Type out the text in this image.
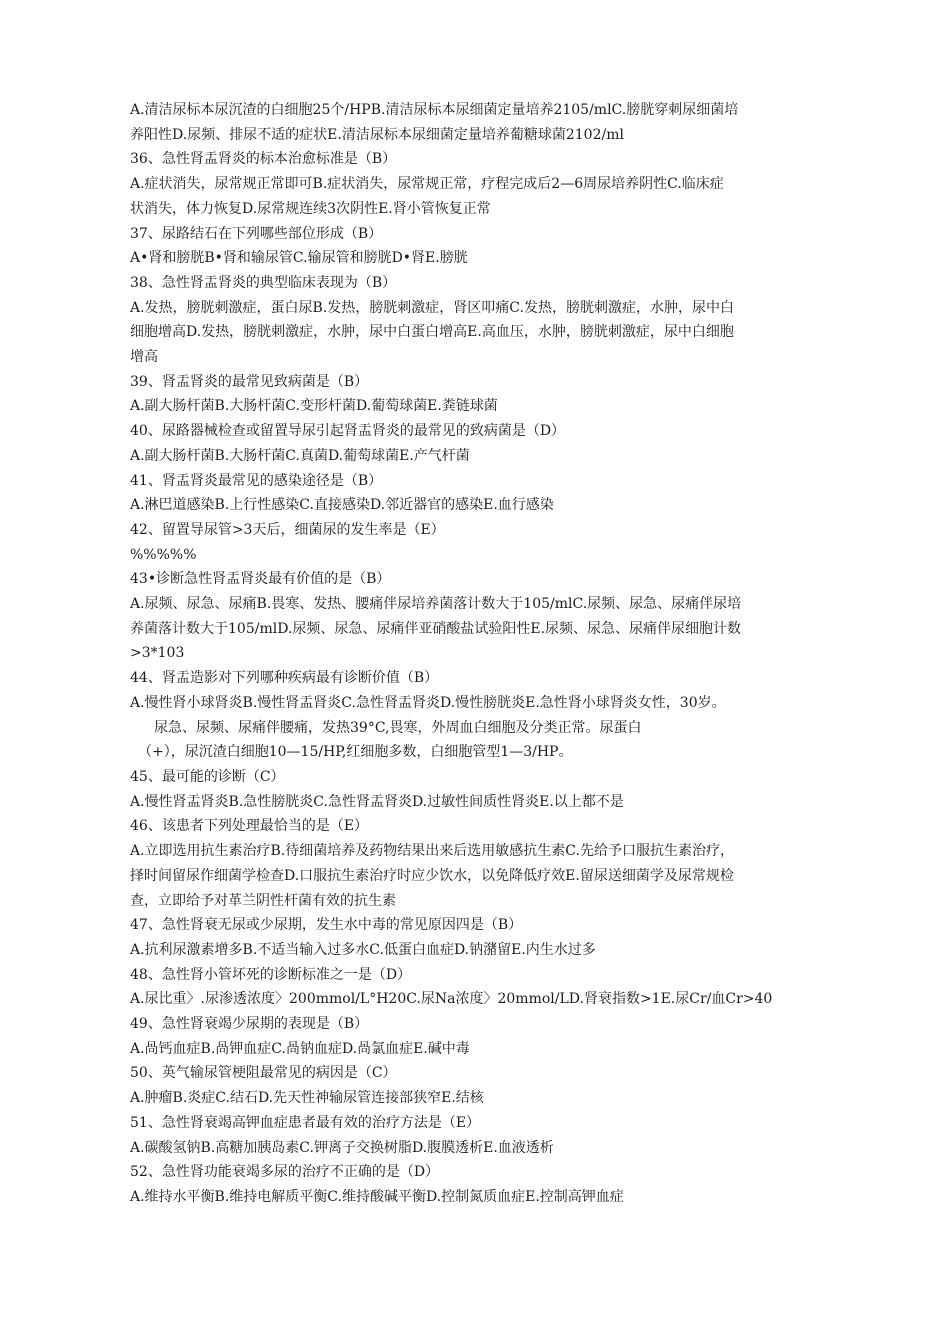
A.清洁尿标本尿沉渣的白细胞25个/HPB.清洁尿标本尿细菌定量培养2105/mlC.膀胱穿刺尿细菌培
养阳性D.尿频、排尿不适的症状E.清洁尿标本尿细菌定量培养葡糖球菌2102/ml
36、急性肾盂肾炎的标本治愈标准是（B）
A.症状消失，尿常规正常即可B.症状消失，尿常规正常，疗程完成后2—6周尿培养阴性C.临床症
状消失，体力恢复D.尿常规连续3次阴性E.肾小管恢复正常
37、尿路结石在下列哪些部位形成（B）
A•肾和膀胱B•肾和输尿管C.输尿管和膀胱D•肾E.膀胱
38、急性肾盂肾炎的典型临床表现为（B）
A.发热，膀胱刺激症，蛋白尿B.发热，膀胱刺激症，肾区叩痛C.发热，膀胱刺激症，水肿，尿中白
细胞增高D.发热，膀胱刺激症，水肿，尿中白蛋白增高E.高血压，水肿，膀胱刺激症，尿中白细胞
增高
39、肾盂肾炎的最常见致病菌是（B）
A.副大肠杆菌B.大肠杆菌C.变形杆菌D.葡萄球菌E.粪链球菌
40、尿路器械检查或留置导尿引起肾盂肾炎的最常见的致病菌是（D）
A.副大肠杆菌B.大肠杆菌C.真菌D.葡萄球菌E.产气杆菌
41、肾盂肾炎最常见的感染途径是（B）
A.淋巴道感染B.上行性感染C.直接感染D.邻近器官的感染E.血行感染
42、留置导尿管>3天后，细菌尿的发生率是（E）
%%%%%
43•诊断急性肾盂肾炎最有价值的是（B）
A.尿频、尿急、尿痛B.畏寒、发热、腰痛伴尿培养菌落计数大于105/mlC.尿频、尿急、尿痛伴尿培
养菌落计数大于105/mlD.尿频、尿急、尿痛伴亚硝酸盐试验阳性E.尿频、尿急、尿痛伴尿细胞计数
>3*103
44、肾盂造影对下列哪种疾病最有诊断价值（B）
A.慢性肾小球肾炎B.慢性肾盂肾炎C.急性肾盂肾炎D.慢性膀胱炎E.急性肾小球肾炎女性，30岁。
尿急、尿频、尿痛伴腰痛，发热39°C,畏寒，外周血白细胞及分类正常。尿蛋白
（+），尿沉渣白细胞10—15/HP,红细胞多数，白细胞管型1—3/HP。
45、最可能的诊断（C）
A.慢性肾盂肾炎B.急性膀胱炎C.急性肾盂肾炎D.过敏性间质性肾炎E.以上都不是
46、该患者下列处理最恰当的是（E）
A.立即选用抗生素治疗B.待细菌培养及药物结果出来后选用敏感抗生素C.先给予口服抗生素治疗，
择时间留尿作细菌学检查D.口服抗生素治疗时应少饮水，以免降低疗效E.留尿送细菌学及尿常规检
查，立即给予对革兰阴性杆菌有效的抗生素
47、急性肾衰无尿或少尿期，发生水中毒的常见原因四是（B）
A.抗利尿激素增多B.不适当输入过多水C.低蛋白血症D.钠潴留E.内生水过多
48、急性肾小管坏死的诊断标准之一是（D）
A.尿比重〉.尿渗透浓度〉200mmol/L°H20C.尿Na浓度〉20mmol/LD.肾衰指数>1E.尿Cr/血Cr>40
49、急性肾衰竭少尿期的表现是（B）
A.咼钙血症B.咼钾血症C.咼钠血症D.咼氯血症E.碱中毒
50、英气输尿管梗阻最常见的病因是（C）
A.肿瘤B.炎症C.结石D.先天性神输尿管连接部狭窄E.结核
51、急性肾衰竭高钾血症患者最有效的治疗方法是（E）
A.碳酸氢钠B.高糖加胰岛素C.钾离子交换树脂D.腹膜透析E.血液透析
52、急性肾功能衰竭多尿的治疗不正确的是（D）
A.维持水平衡B.维持电解质平衡C.维持酸碱平衡D.控制氮质血症E.控制高钾血症
